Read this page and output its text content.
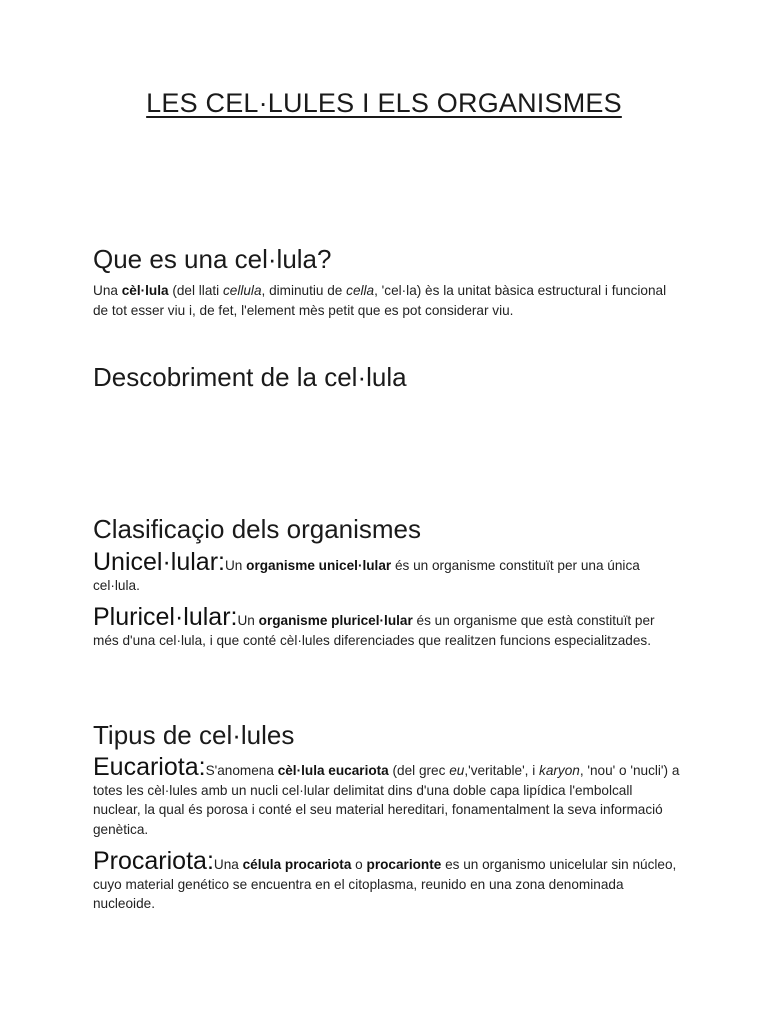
LES CEL·LULES I ELS ORGANISMES
Que es una cel·lula?

Una cèl·lula (del llati cellula, diminutiu de cella, 'cel·la) ès la unitat bàsica estructural i funcional de tot esser viu i, de fet, l'element mès petit que es pot considerar viu.

Descobriment de la cel·lula
Clasificaçio dels organismes

Unicel·lular:Un organisme unicel·lular és un organisme constituït per una única cel·lula.

Pluricel·lular:Un organisme pluricel·lular és un organisme que està constituït per més d'una cel·lula, i que conté cèl·lules diferenciades que realitzen funcions especialitzades.

Tipus de cel·lules

Eucariota:S'anomena cèl·lula eucariota (del grec eu,'veritable', i karyon, 'nou' o 'nucli') a totes les cèl·lules amb un nucli cel·lular delimitat dins d'una doble capa lipídica l'embolcall nuclear, la qual és porosa i conté el seu material hereditari, fonamentalment la seva informació genètica.

Procariota:Una célula procariota o procarionte es un organismo unicelular sin núcleo, cuyo material genético se encuentra en el citoplasma, reunido en una zona denominada nucleoide.
